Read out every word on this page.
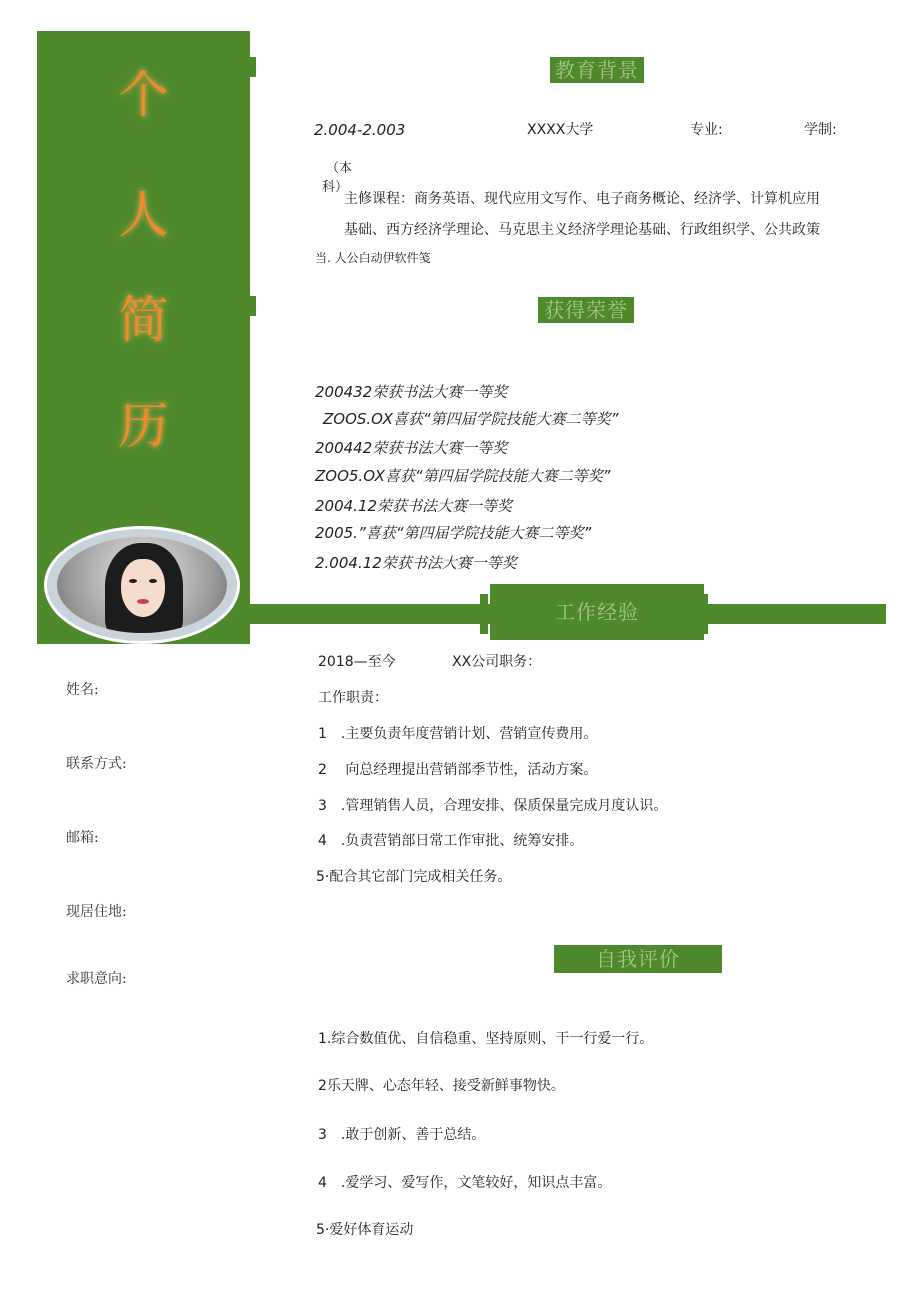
个
人
简
历
教育背景
2.004-2.003	XXXX大学	专业:	学制:
（本
科）
主修课程：商务英语、现代应用文写作、电子商务概论、经济学、计算机应用
基础、西方经济学理论、马克思主义经济学理论基础、行政组织学、公共政策
当. 人公白动伊软件笺
获得荣誉
200432荣获书法大赛一等奖
ZOOS.OX喜获“第四届学院技能大赛二等奖”
200442荣获书法大赛一等奖
ZOO5.OX喜获“第四届学院技能大赛二等奖”
2004.12荣获书法大赛一等奖
2005.”喜获“第四届学院技能大赛二等奖”
2.004.12荣获书法大赛一等奖
工作经验
2018—至今	XX公司职务：
工作职责：
1　.主要负责年度营销计划、营销宣传费用。
2　 向总经理提出营销部季节性，活动方案。
3　.管理销售人员，合理安排、保质保量完成月度认识。
4　.负责营销部日常工作审批、统筹安排。
5·配合其它部门完成相关任务。
姓名:
联系方式:
邮箱:
现居住地:
求职意向:
自我评价
1.综合数值优、自信稳重、坚持原则、干一行爱一行。
2乐天牌、心态年轻、接受新鲜事物快。
3　.敢于创新、善于总结。
4　.爱学习、爱写作，文笔较好，知识点丰富。
5·爱好体育运动
